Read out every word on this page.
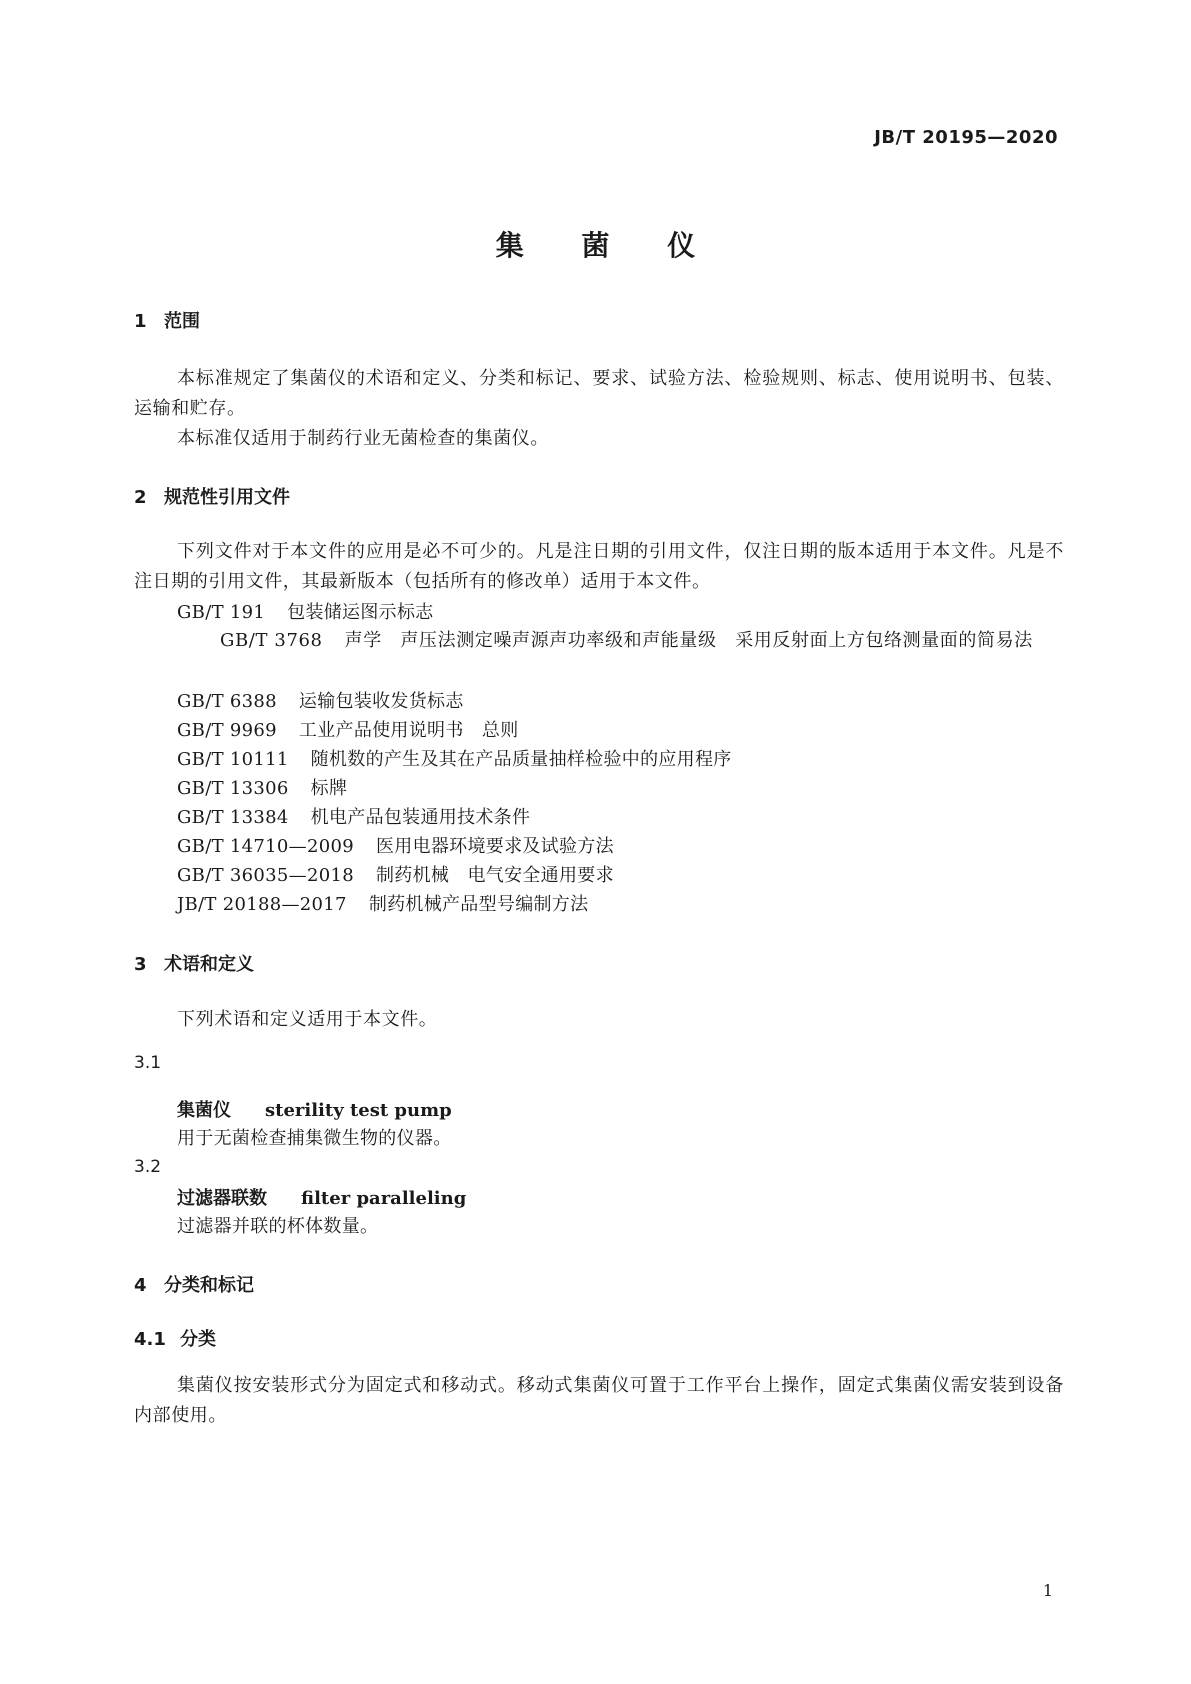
JB/T 20195—2020
集 菌 仪
1 范围
本标准规定了集菌仪的术语和定义、分类和标记、要求、试验方法、检验规则、标志、使用说明书、包装、运输和贮存。
本标准仅适用于制药行业无菌检查的集菌仪。
2 规范性引用文件
下列文件对于本文件的应用是必不可少的。凡是注日期的引用文件，仅注日期的版本适用于本文件。凡是不注日期的引用文件，其最新版本（包括所有的修改单）适用于本文件。
GB/T 191 包装储运图示标志
GB/T 3768 声学　声压法测定噪声源声功率级和声能量级　采用反射面上方包络测量面的简易法
GB/T 6388 运输包装收发货标志
GB/T 9969 工业产品使用说明书　总则
GB/T 10111 随机数的产生及其在产品质量抽样检验中的应用程序
GB/T 13306 标牌
GB/T 13384 机电产品包装通用技术条件
GB/T 14710—2009 医用电器环境要求及试验方法
GB/T 36035—2018 制药机械　电气安全通用要求
JB/T 20188—2017 制药机械产品型号编制方法
3 术语和定义
下列术语和定义适用于本文件。
3.1
集菌仪 sterility test pump
用于无菌检查捕集微生物的仪器。
3.2
过滤器联数 filter paralleling
过滤器并联的杯体数量。
4 分类和标记
4.1 分类
集菌仪按安装形式分为固定式和移动式。移动式集菌仪可置于工作平台上操作，固定式集菌仪需安装到设备内部使用。
1
